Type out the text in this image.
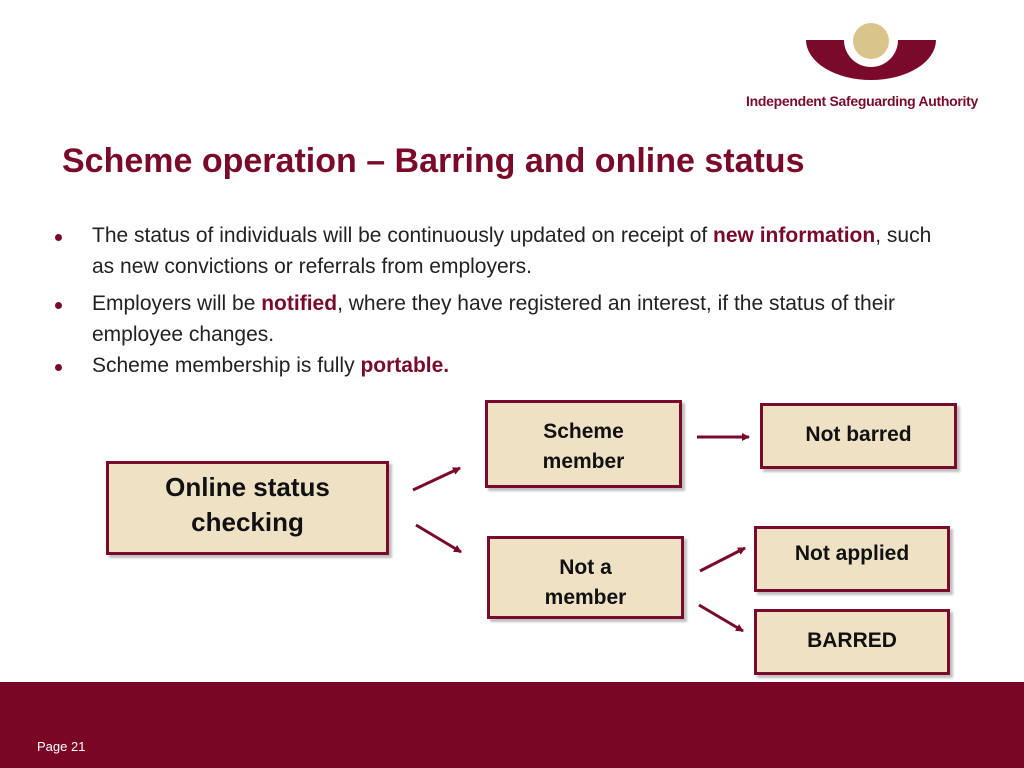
Independent Safeguarding Authority
Scheme operation – Barring and online status
The status of individuals will be continuously updated on receipt of new information, such as new convictions or referrals from employers.
Employers will be notified, where they have registered an interest, if the status of their employee changes.
Scheme membership is fully portable.
Online status
checking
Scheme
member
Not a
member
Not barred
Not applied
BARRED
Page 21
